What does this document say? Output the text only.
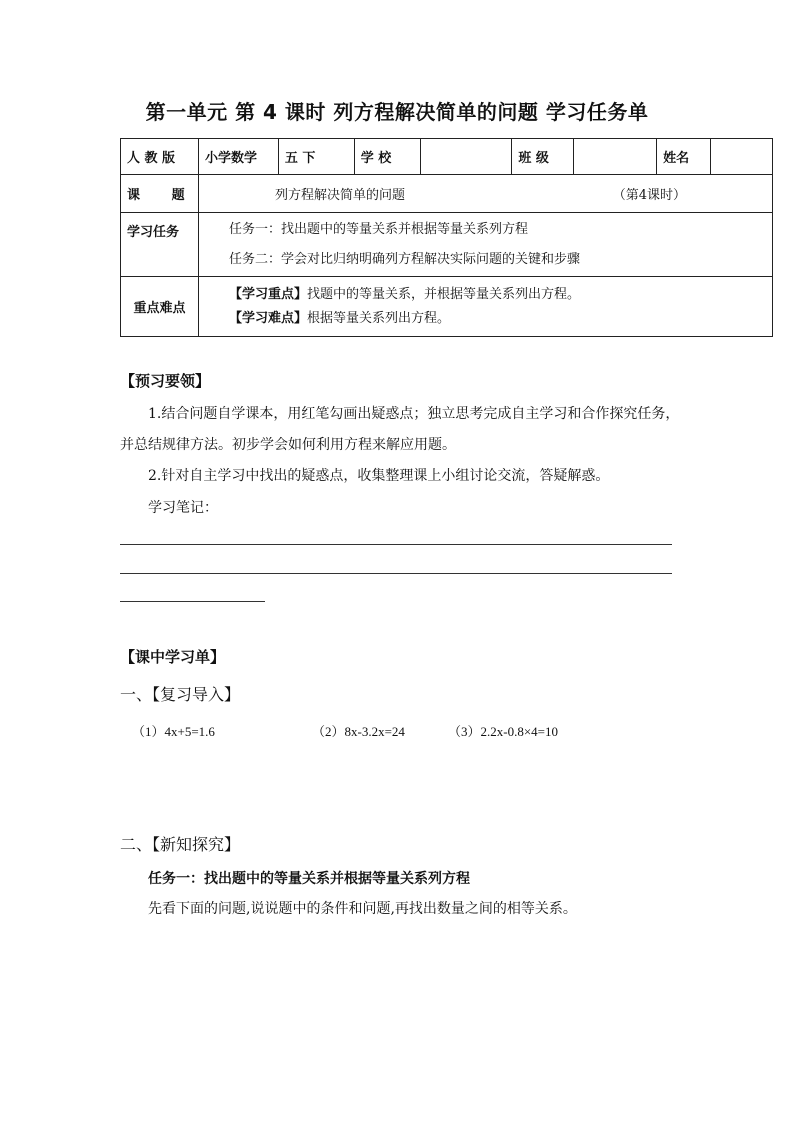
第一单元 第 4 课时 列方程解决简单的问题 学习任务单
人 教 版	小学数学	五 下	学 校		班 级		姓名	
课       题	列方程解决简单的问题 （第4课时）							

学习任务	任务一：找出题中的等量关系并根据等量关系列方程
任务二：学会对比归纳明确列方程解决实际问题的关键和步骤							

重点难点	【学习重点】找题中的等量关系，并根据等量关系列出方程。
【学习难点】根据等量关系列出方程。							
【预习要领】
1.结合问题自学课本，用红笔勾画出疑惑点；独立思考完成自主学习和合作探究任务，并总结规律方法。初步学会如何利用方程来解应用题。
2.针对自主学习中找出的疑惑点，收集整理课上小组讨论交流，答疑解惑。
学习笔记：
【课中学习单】
一、【复习导入】
（1）4x+5=1.6	（2）8x-3.2x=24	（3）2.2x-0.8×4=10
二、【新知探究】
任务一：找出题中的等量关系并根据等量关系列方程
先看下面的问题,说说题中的条件和问题,再找出数量之间的相等关系。
